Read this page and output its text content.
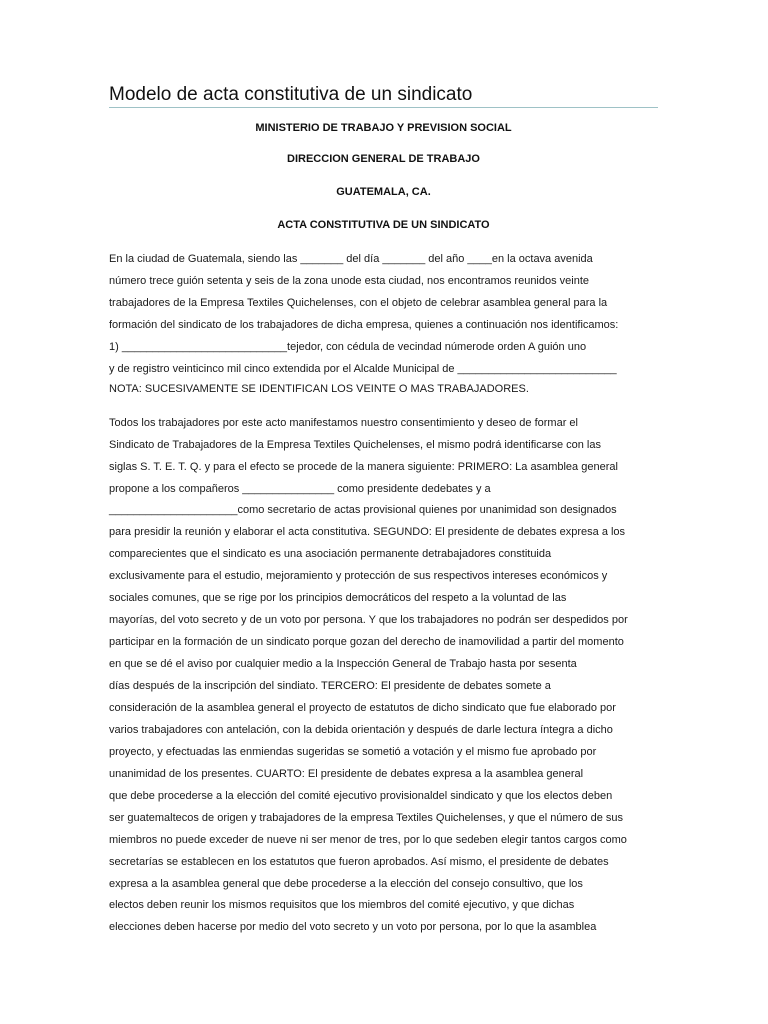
Modelo de acta constitutiva de un sindicato
MINISTERIO DE TRABAJO Y PREVISION SOCIAL
DIRECCION GENERAL DE TRABAJO
GUATEMALA, CA.
ACTA CONSTITUTIVA DE UN SINDICATO
En la ciudad de Guatemala, siendo las _______ del día _______ del año ____en la octava avenida
número trece guión setenta y seis de la zona unode esta ciudad, nos encontramos reunidos veinte
trabajadores de la Empresa Textiles Quichelenses, con el objeto de celebrar asamblea general para la
formación del sindicato de los trabajadores de dicha empresa, quienes a continuación nos identificamos:
1) ___________________________tejedor, con cédula de vecindad númerode orden A guión uno
y de registro veinticinco mil cinco extendida por el Alcalde Municipal de __________________________
NOTA: SUCESIVAMENTE SE IDENTIFICAN LOS VEINTE O MAS TRABAJADORES.
Todos los trabajadores por este acto manifestamos nuestro consentimiento y deseo de formar el
Sindicato de Trabajadores de la Empresa Textiles Quichelenses, el mismo podrá identificarse con las
siglas S. T. E. T. Q. y para el efecto se procede de la manera siguiente: PRIMERO: La asamblea general
propone a los compañeros _______________ como presidente dedebates y a
_____________________como secretario de actas provisional quienes por unanimidad son designados
para presidir la reunión y elaborar el acta constitutiva. SEGUNDO: El presidente de debates expresa a los
comparecientes que el sindicato es una asociación permanente detrabajadores constituida
exclusivamente para el estudio, mejoramiento y protección de sus respectivos intereses económicos y
sociales comunes, que se rige por los principios democráticos del respeto a la voluntad de las
mayorías, del voto secreto y de un voto por persona. Y que los trabajadores no podrán ser despedidos por
participar en la formación de un sindicato porque gozan del derecho de inamovilidad a partir del momento
en que se dé el aviso por cualquier medio a la Inspección General de Trabajo hasta por sesenta
días después de la inscripción del sindiato. TERCERO: El presidente de debates somete a
consideración de la asamblea general el proyecto de estatutos de dicho sindicato que fue elaborado por
varios trabajadores con antelación, con la debida orientación y después de darle lectura íntegra a dicho
proyecto, y efectuadas las enmiendas sugeridas se sometió a votación y el mismo fue aprobado por
unanimidad de los presentes. CUARTO: El presidente de debates expresa a la asamblea general
que debe procederse a la elección del comité ejecutivo provisionaldel sindicato y que los electos deben
ser guatemaltecos de origen y trabajadores de la empresa Textiles Quichelenses, y que el número de sus
miembros no puede exceder de nueve ni ser menor de tres, por lo que sedeben elegir tantos cargos como
secretarías se establecen en los estatutos que fueron aprobados. Así mismo, el presidente de debates
expresa a la asamblea general que debe procederse a la elección del consejo consultivo, que los
electos deben reunir los mismos requisitos que los miembros del comité ejecutivo, y que dichas
elecciones deben hacerse por medio del voto secreto y un voto por persona, por lo que la asamblea
